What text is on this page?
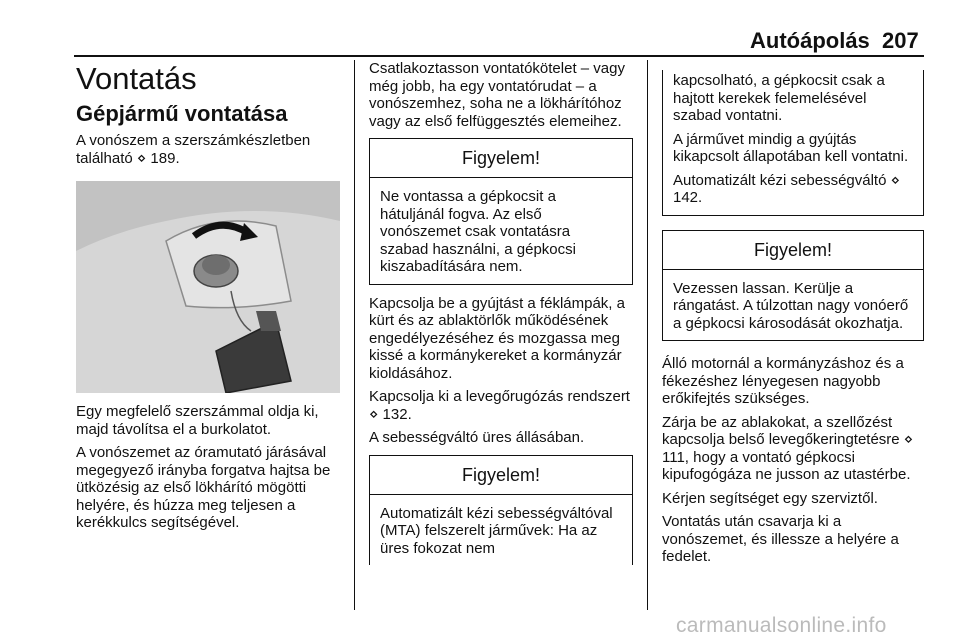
Autóápolás 207
Vontatás
Gépjármű vontatása

A vonószem a szerszámkészletben található ⋄ 189.

Egy megfelelő szerszámmal oldja ki, majd távolítsa el a burkolatot.

A vonószemet az óramutató járásával megegyező irányba forgatva hajtsa be ütközésig az első lökhárító mögötti helyére, és húzza meg teljesen a kerékkulcs segítségével.

Csatlakoztasson vontatókötelet – vagy még jobb, ha egy vontatórudat – a vonószemhez, soha ne a lökhárítóhoz vagy az első felfüggesztés elemeihez.

Figyelem!

Ne vontassa a gépkocsit a hátuljánál fogva. Az első vonószemet csak vontatásra szabad használni, a gépkocsi kiszabadítására nem.

Kapcsolja be a gyújtást a féklámpák, a kürt és az ablaktörlők működésének engedélyezéséhez és mozgassa meg kissé a kormánykereket a kormányzár kioldásához.

Kapcsolja ki a levegőrugózás rendszert ⋄ 132.

A sebességváltó üres állásában.

Figyelem!

Automatizált kézi sebességváltóval (MTA) felszerelt járművek: Ha az üres fokozat nem

kapcsolható, a gépkocsit csak a hajtott kerekek felemelésével szabad vontatni.

A járművet mindig a gyújtás kikapcsolt állapotában kell vontatni.

Automatizált kézi sebességváltó ⋄ 142.

Figyelem!

Vezessen lassan. Kerülje a rángatást. A túlzottan nagy vonóerő a gépkocsi károsodását okozhatja.

Álló motornál a kormányzáshoz és a fékezéshez lényegesen nagyobb erőkifejtés szükséges.

Zárja be az ablakokat, a szellőzést kapcsolja belső levegőkeringtetésre ⋄ 111, hogy a vontató gépkocsi kipufogógáza ne jusson az utastérbe.

Kérjen segítséget egy szerviztől.

Vontatás után csavarja ki a vonószemet, és illessze a helyére a fedelet.

carmanualsonline.info
